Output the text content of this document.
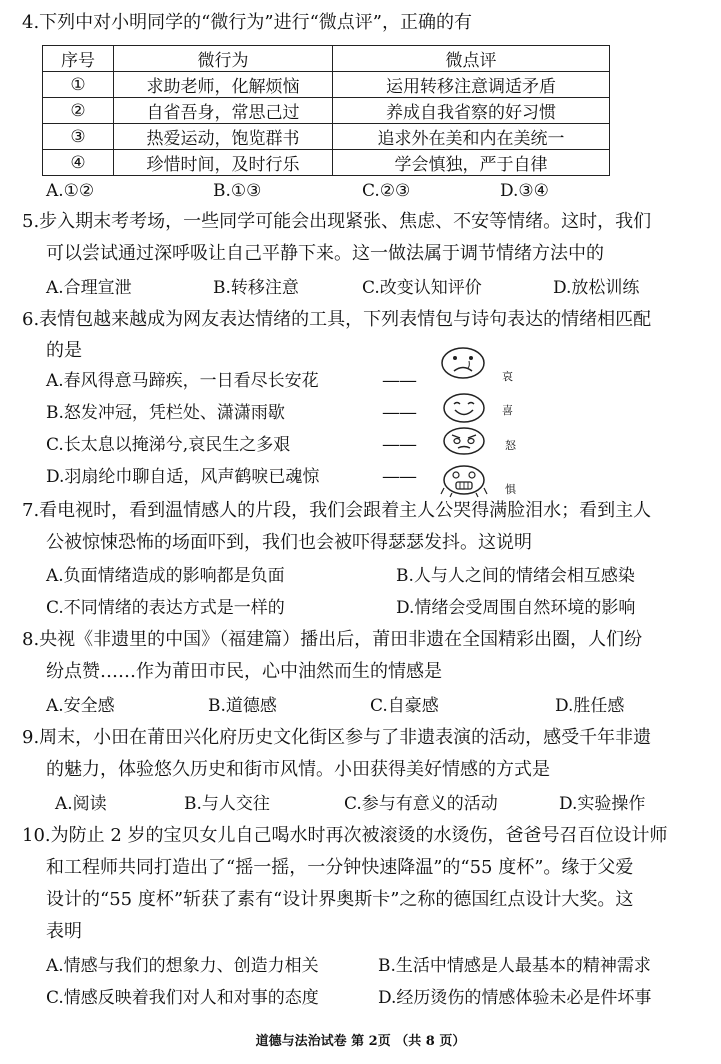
4.下列中对小明同学的“微行为”进行“微点评”，正确的有
序号	微行为	微点评
①	求助老师，化解烦恼	运用转移注意调适矛盾
②	自省吾身，常思己过	养成自我省察的好习惯
③	热爱运动，饱览群书	追求外在美和内在美统一
④	珍惜时间，及时行乐	学会慎独，严于自律
A.①②	B.①③	C.②③	D.③④
5.步入期末考考场，一些同学可能会出现紧张、焦虑、不安等情绪。这时，我们
可以尝试通过深呼吸让自己平静下来。这一做法属于调节情绪方法中的
A.合理宣泄	B.转移注意	C.改变认知评价	D.放松训练
6.表情包越来越成为网友表达情绪的工具，下列表情包与诗句表达的情绪相匹配
的是
A.春风得意马蹄疾，一日看尽长安花	——	哀
B.怒发冲冠，凭栏处、潇潇雨歇	——	喜
C.长太息以掩涕兮,哀民生之多艰	——	怒
D.羽扇纶巾聊自适，风声鹤唳已魂惊	——
惧
7.看电视时，看到温情感人的片段，我们会跟着主人公哭得满脸泪水；看到主人
公被惊悚恐怖的场面吓到，我们也会被吓得瑟瑟发抖。这说明
A.负面情绪造成的影响都是负面	B.人与人之间的情绪会相互感染
C.不同情绪的表达方式是一样的	D.情绪会受周围自然环境的影响
8.央视《非遗里的中国》（福建篇）播出后，莆田非遗在全国精彩出圈，人们纷
纷点赞……作为莆田市民，心中油然而生的情感是
A.安全感	B.道德感	C.自豪感	D.胜任感
9.周末，小田在莆田兴化府历史文化街区参与了非遗表演的活动，感受千年非遗
的魅力，体验悠久历史和街市风情。小田获得美好情感的方式是
A.阅读	B.与人交往	C.参与有意义的活动	D.实验操作
10.为防止 2 岁的宝贝女儿自己喝水时再次被滚烫的水烫伤，爸爸号召百位设计师
和工程师共同打造出了“摇一摇，一分钟快速降温”的“55 度杯”。缘于父爱
设计的“55 度杯”斩获了素有“设计界奥斯卡”之称的德国红点设计大奖。这
表明
A.情感与我们的想象力、创造力相关	B.生活中情感是人最基本的精神需求
C.情感反映着我们对人和对事的态度	D.经历烫伤的情感体验未必是件坏事
道德与法治试卷 第 2页 （共 8 页）
